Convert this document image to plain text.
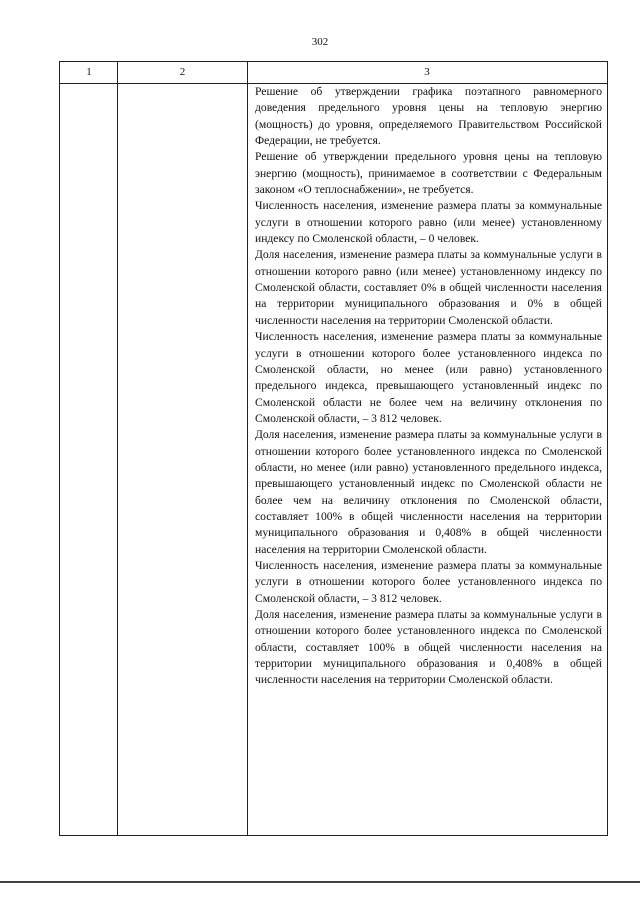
302
1	2	3

Решение об утверждении графика поэтапного равномерного доведения предельного уровня цены на тепловую энергию (мощность) до уровня, определяемого Правительством Российской Федерации, не требуется.

Решение об утверждении предельного уровня цены на тепловую энергию (мощность), принимаемое в соответствии с Федеральным законом «О теплоснабжении», не требуется.

Численность населения, изменение размера платы за коммунальные услуги в отношении которого равно (или менее) установленному индексу по Смоленской области, – 0 человек.

Доля населения, изменение размера платы за коммунальные услуги в отношении которого равно (или менее) установленному индексу по Смоленской области, составляет 0% в общей численности населения на территории муниципального образования и 0% в общей численности населения на территории Смоленской области.

Численность населения, изменение размера платы за коммунальные услуги в отношении которого более установленного индекса по Смоленской области, но менее (или равно) установленного предельного индекса, превышающего установленный индекс по Смоленской области не более чем на величину отклонения по Смоленской области, – 3 812 человек.

Доля населения, изменение размера платы за коммунальные услуги в отношении которого более установленного индекса по Смоленской области, но менее (или равно) установленного предельного индекса, превышающего установленный индекс по Смоленской области не более чем на величину отклонения по Смоленской области, составляет 100% в общей численности населения на территории муниципального образования и 0,408% в общей численности населения на территории Смоленской области.

Численность населения, изменение размера платы за коммунальные услуги в отношении которого более установленного индекса по Смоленской области, – 3 812 человек.

Доля населения, изменение размера платы за коммунальные услуги в отношении которого более установленного индекса по Смоленской области, составляет 100% в общей численности населения на территории муниципального образования и 0,408% в общей численности населения на территории Смоленской области.
